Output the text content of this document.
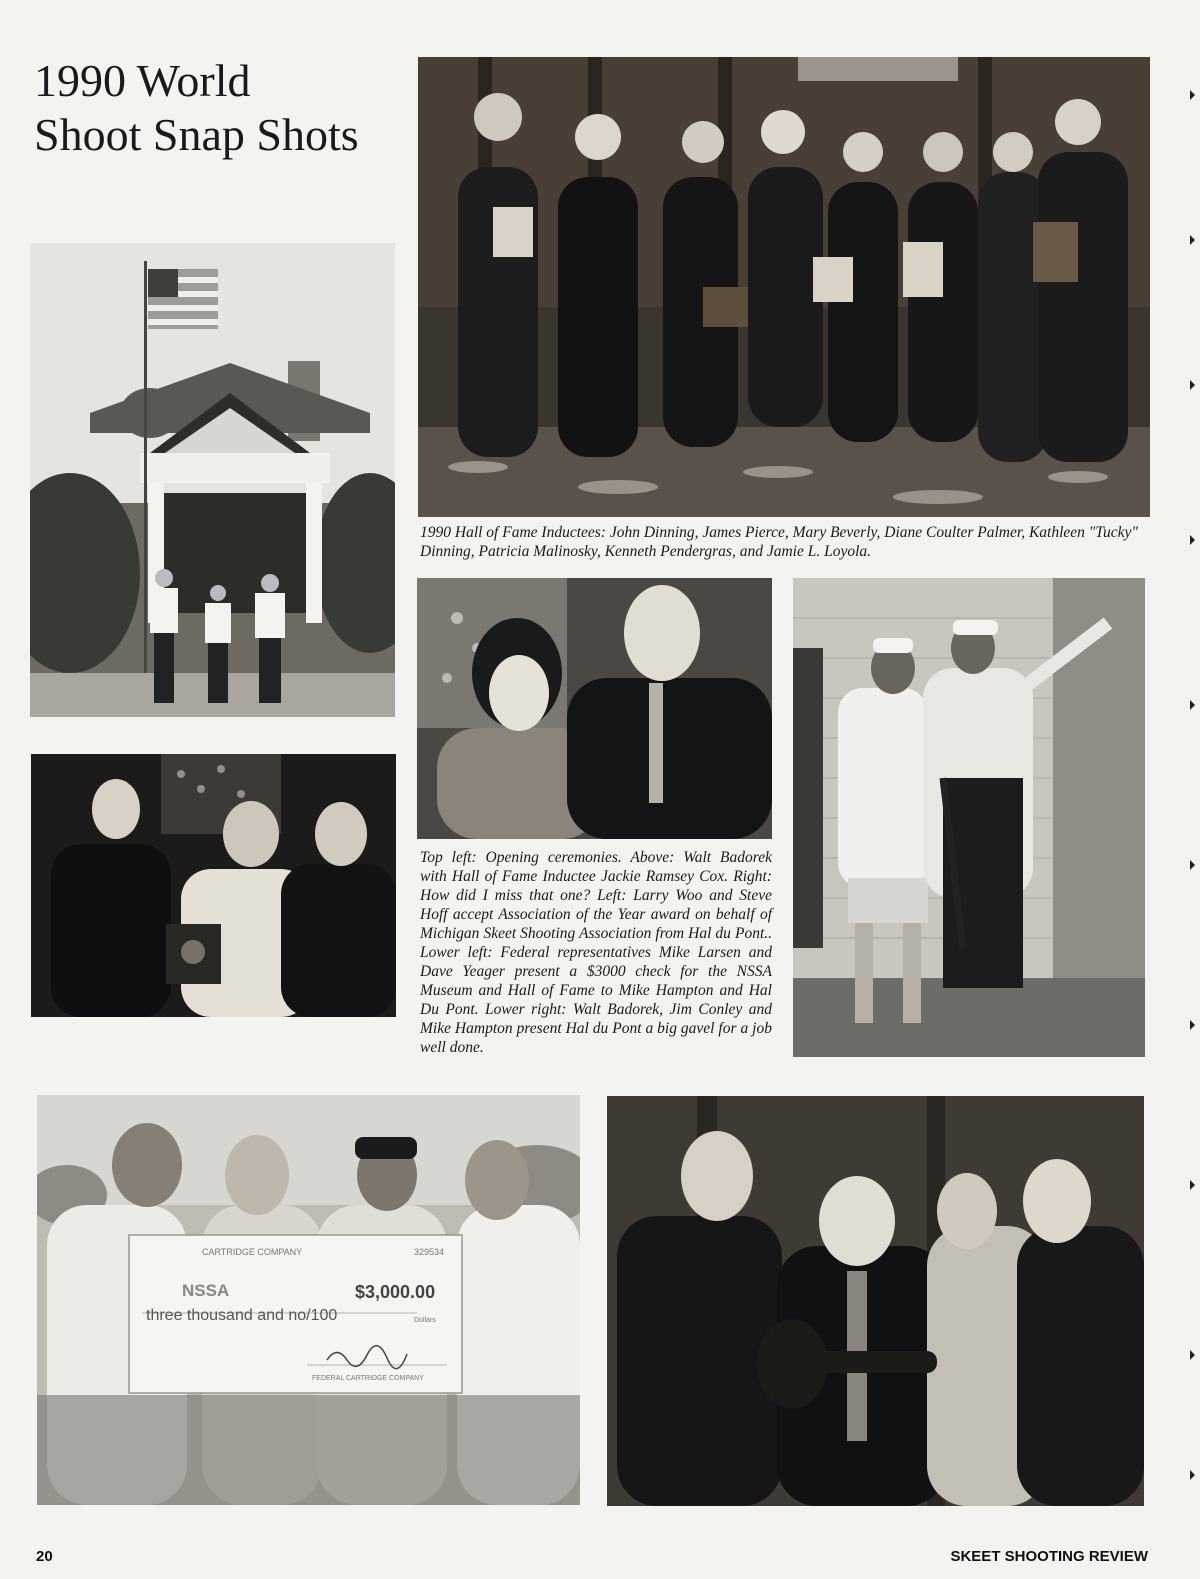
1990 World
Shoot Snap Shots

1990 Hall of Fame Inductees: John Dinning, James Pierce, Mary Beverly, Diane Coulter Palmer, Kathleen "Tucky" Dinning, Patricia Malinosky, Kenneth Pendergras, and Jamie L. Loyola.

Top left: Opening ceremonies. Above: Walt Badorek with Hall of Fame Inductee Jackie Ramsey Cox. Right: How did I miss that one? Left: Larry Woo and Steve Hoff accept Association of the Year award on behalf of Michigan Skeet Shooting Association from Hal du Pont.. Lower left: Federal representatives Mike Larsen and Dave Yeager present a $3000 check for the NSSA Museum and Hall of Fame to Mike Hampton and Hal Du Pont. Lower right: Walt Badorek, Jim Conley and Mike Hampton present Hal du Pont a big gavel for a job well done.

CARTRIDGE COMPANY	329534
NSSA	$3,000.00
three thousand and no/100	Dollars
FEDERAL CARTRIDGE COMPANY
20	SKEET SHOOTING REVIEW
